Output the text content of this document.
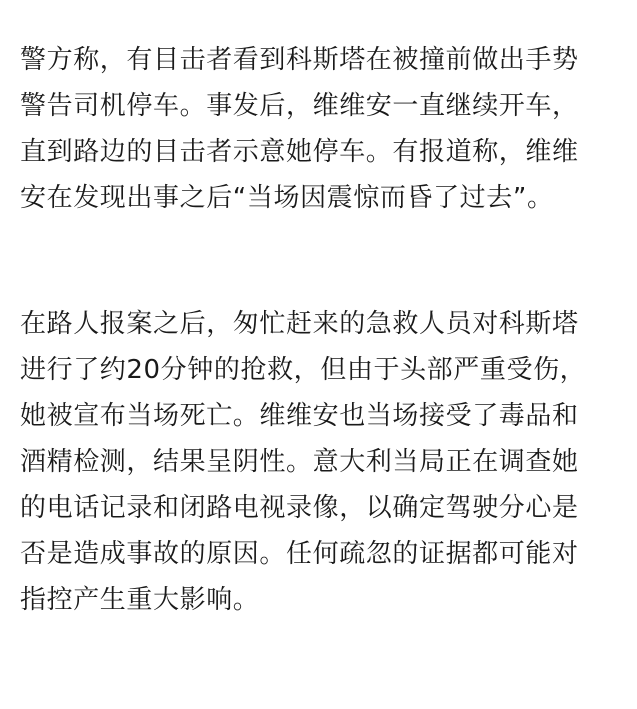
警方称，有目击者看到科斯塔在被撞前做出手势
警告司机停车。事发后，维维安一直继续开车，
直到路边的目击者示意她停车。有报道称，维维
安在发现出事之后“当场因震惊而昏了过去”。

在路人报案之后，匆忙赶来的急救人员对科斯塔
进行了约20分钟的抢救，但由于头部严重受伤，
她被宣布当场死亡。维维安也当场接受了毒品和
酒精检测，结果呈阴性。意大利当局正在调查她
的电话记录和闭路电视录像，以确定驾驶分心是
否是造成事故的原因。任何疏忽的证据都可能对
指控产生重大影响。
